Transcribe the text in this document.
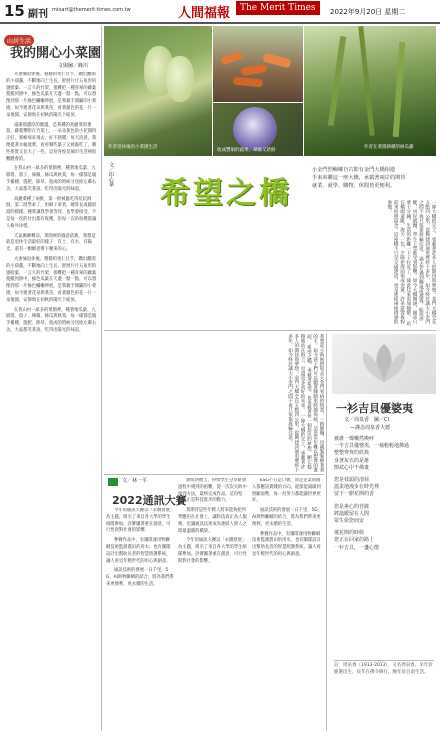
15 副刊 mtsart@themerit-times.com.tw	人間福報	The Merit Times	2022年9月20日 星期二
山居生活
我的開心小菜園
文與圖／緣川

夫妻倆退休後，穩穩的果仁甘芋，鑽出離開的小葫蘆，不斷地向上生長，舒展片片五角形的翅膀葉。一言久的竹架，很難把一種青翠的藤葉蔓搬到園中，綠色瓜葉在天邊一點一點，可以想像到那一片綠色欄柵伸展，是我親手開闢的小菜園，如今連著花朵與菜苗，看著顏色的花一片一朵地開，安靜地在初秋的陽光下綻放。

遠處那濃厚的牆邊，是我種的高麗菜與番茄，藤蔓攀附在竹架上，一朵朵黃色的小花開得正好，蜜蜂飛來飛去，好不熱鬧。每天清晨，我便提著水桶澆菜，看看哪些葉子又被蟲吃了，哪些果實又長大了一些，這份喜悅是城市生活裡很難體會的。

在我山村一畝多的菜園裡，種著地瓜葉、九層塔、茄子、辣椒、絲瓜與秋葵，每一樣都是親手播種、施肥、除草。收成的時候分送給左鄰右舍，大家都笑著說，吃得出陽光的味道。

高麗菜種了兩批，第一批被蟲吃得坑坑洞洞，第二批學乖了，用網子罩著，總算長成圓滾滾的模樣。種菜讓我學會等待，也學會接受，不是每一次的付出都有收穫，但每一次的收穫都讓人格外珍惜。

天氣漸漸轉涼，菜園裡的綠意依舊，我想這就是退休生活最好的樣子：有土、有水、有陽光，還有一顆願意彎下腰來的心。

夫妻倆退休後，穩穩的果仁甘芋，鑽出離開的小葫蘆，不斷地向上生長，舒展片片五角形的翅膀葉。一言久的竹架，很難把一種青翠的藤葉蔓搬到園中，綠色瓜葉在天邊一點一點，可以想像到那一片綠色欄柵伸展，是我親手開闢的小菜園，如今連著花朵與菜苗，看著顏色的花一片一朵地開，安靜地在初秋的陽光下綻放。

在我山村一畝多的菜園裡，種著地瓜葉、九層塔、茄子、辣椒、絲瓜與秋葵，每一樣都是親手播種、施肥、除草。收成的時候分送給左鄰右舍，大家都笑著說，吃得出陽光的味道。

作者退休後的小菜園生活
收成豐碩的蔬果，翠綠又新鮮
作者在菜園耕種的絲瓜藤
文／印心華
希望之橋
小金門烈嶼鄉自古即有金門大橋相連
手來串聯這一座大橋，承載著兩岸的期待
就業、就學、購物、休閒皆更便利。
一條大橋的完工，承載著許多人的期待與夢想。金門大橋全長五點四公里，從興建到通車歷經十多年，如今終於讓大小金門之間不再只依靠渡輪往返。 過去若遇到颱風或濃霧，船班停駛，居民就醫、學生上學都受到影響。如今大橋開通，開車只要十分鐘，生活的距離一下子拉近了，彼此往來更加頻繁。 站在橋頭遠眺，海天一色，夕陽把海面染成金黃，許多遊客專程前來拍照留念。這座橋不只是交通建設，更是連結兩地情感的象徵。
我想起小時候搭船去大金門看病的情景，一路顛簸，母親緊緊握著我的手。如今孩子們可以騎著腳踏車跨越海峽，這是當年難以想像的畫面。 希望之橋，承載著希望，也承載著每一個島民的夢想，願它穩穩地站在海上，見證更多美好的未來。 一條大橋的完工，承載著許多人的期待與夢想。金門大橋全長五點四公里，從興建到通車歷經十多年，如今終於讓大小金門之間不再只依靠渡輪往返。	一衫吉貝優婆夷
文／周泉香　圖／CI
—謹念周泉香大德
被誰一聲噸然喚呼
一半吉貝優婆夷，一袖輕輕地拂過
整整齊齊的經典
身著灰衣的是誰
擦拭心中不佛畫
您是枝頭的清荷
溫柔地漫步在時光裡
留下一樹花開的香
您是素心的菩薩
將溫暖留在人間
眾生依您而安
蓮花開的時候
您正在回家的路上
一衫吉貝，一盞心燈
註：周泉香（1913-2013），又名周泉香。早年於鹿港出生，長年在佛寺修行，晚年於台南生活。
文／林一平
2022通訊大賽

今年的通訊大賽以「永續發展」為主題，吸引了來自各大學的學生組隊參加。評審團著重在創意、可行性與對社會的影響。

參賽作品中，有團隊運用物聯網技術監測農田的用水，也有團隊設計出幫助長者的智慧照護系統，讓人看見年輕世代的用心與創意。

通訊技術的發展一日千里，5G、AI與物聯網的結合，將為我們帶來更便利、更永續的生活。

頒獎典禮上，得獎學生分享研發過程中遇到的困難，從一次次失敗中找到方法，最終完成作品。這份堅持，正是科技進步的動力。

我期待這些年輕人將來能夠把所學應用在社會上，讓科技真正為人服務，也讓通訊技術成為連結人與人之間最溫暖的橋梁。

今年的通訊大賽以「永續發展」為主題，吸引了來自各大學的學生組隊參加。評審團著重在創意、可行性與對社會的影響。

ESG不只是口號，而是企業與個人都應該實踐的方向，從節能減碳到照顧弱勢，每一份努力都能讓世界更好。

通訊技術的發展一日千里，5G、AI與物聯網的結合，將為我們帶來更便利、更永續的生活。

參賽作品中，有團隊運用物聯網技術監測農田的用水，也有團隊設計出幫助長者的智慧照護系統，讓人看見年輕世代的用心與創意。
